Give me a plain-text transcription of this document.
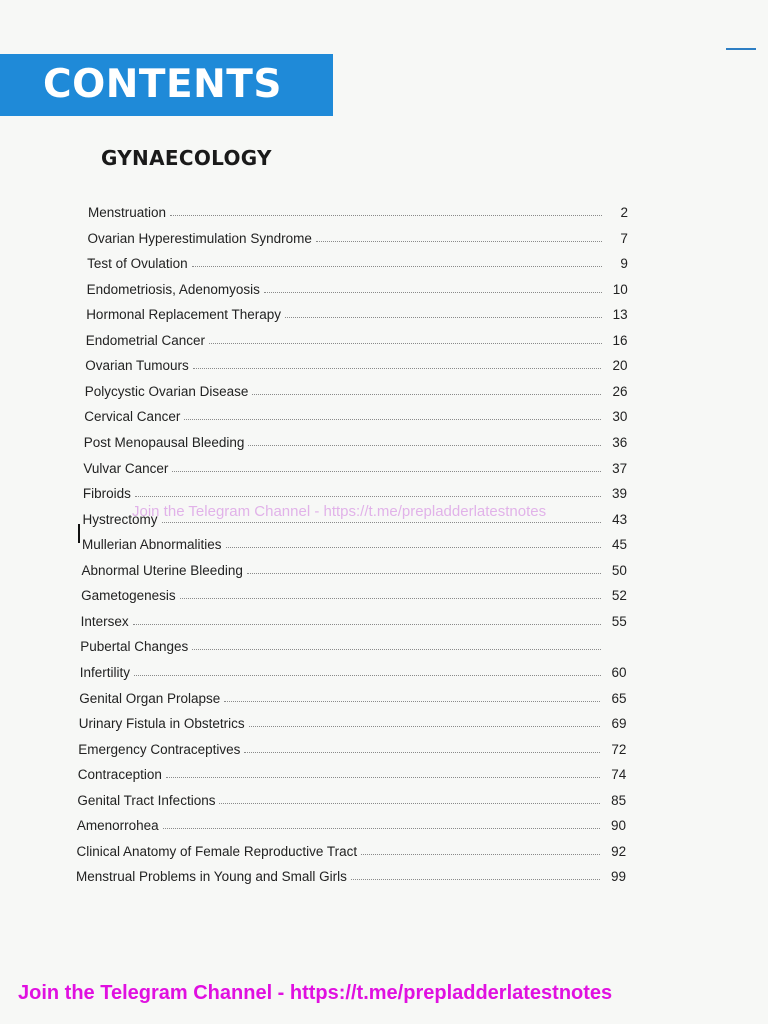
CONTENTS
GYNAECOLOGY
Menstruation	2
Ovarian Hyperestimulation Syndrome	7
Test of Ovulation	9
Endometriosis, Adenomyosis	10
Hormonal Replacement Therapy	13
Endometrial Cancer	16
Ovarian Tumours	20
Polycystic Ovarian Disease	26
Cervical Cancer	30
Post Menopausal Bleeding	36
Vulvar Cancer	37
Fibroids	39
Hystrectomy	43
Mullerian Abnormalities	45
Abnormal Uterine Bleeding	50
Gametogenesis	52
Intersex	55
Pubertal Changes
Infertility	60
Genital Organ Prolapse	65
Urinary Fistula in Obstetrics	69
Emergency Contraceptives	72
Contraception	74
Genital Tract Infections	85
Amenorrohea	90
Clinical Anatomy of Female Reproductive Tract	92
Menstrual Problems in Young and Small Girls	99
Join the Telegram Channel - https://t.me/prepladderlatestnotes
Join the Telegram Channel - https://t.me/prepladderlatestnotes
